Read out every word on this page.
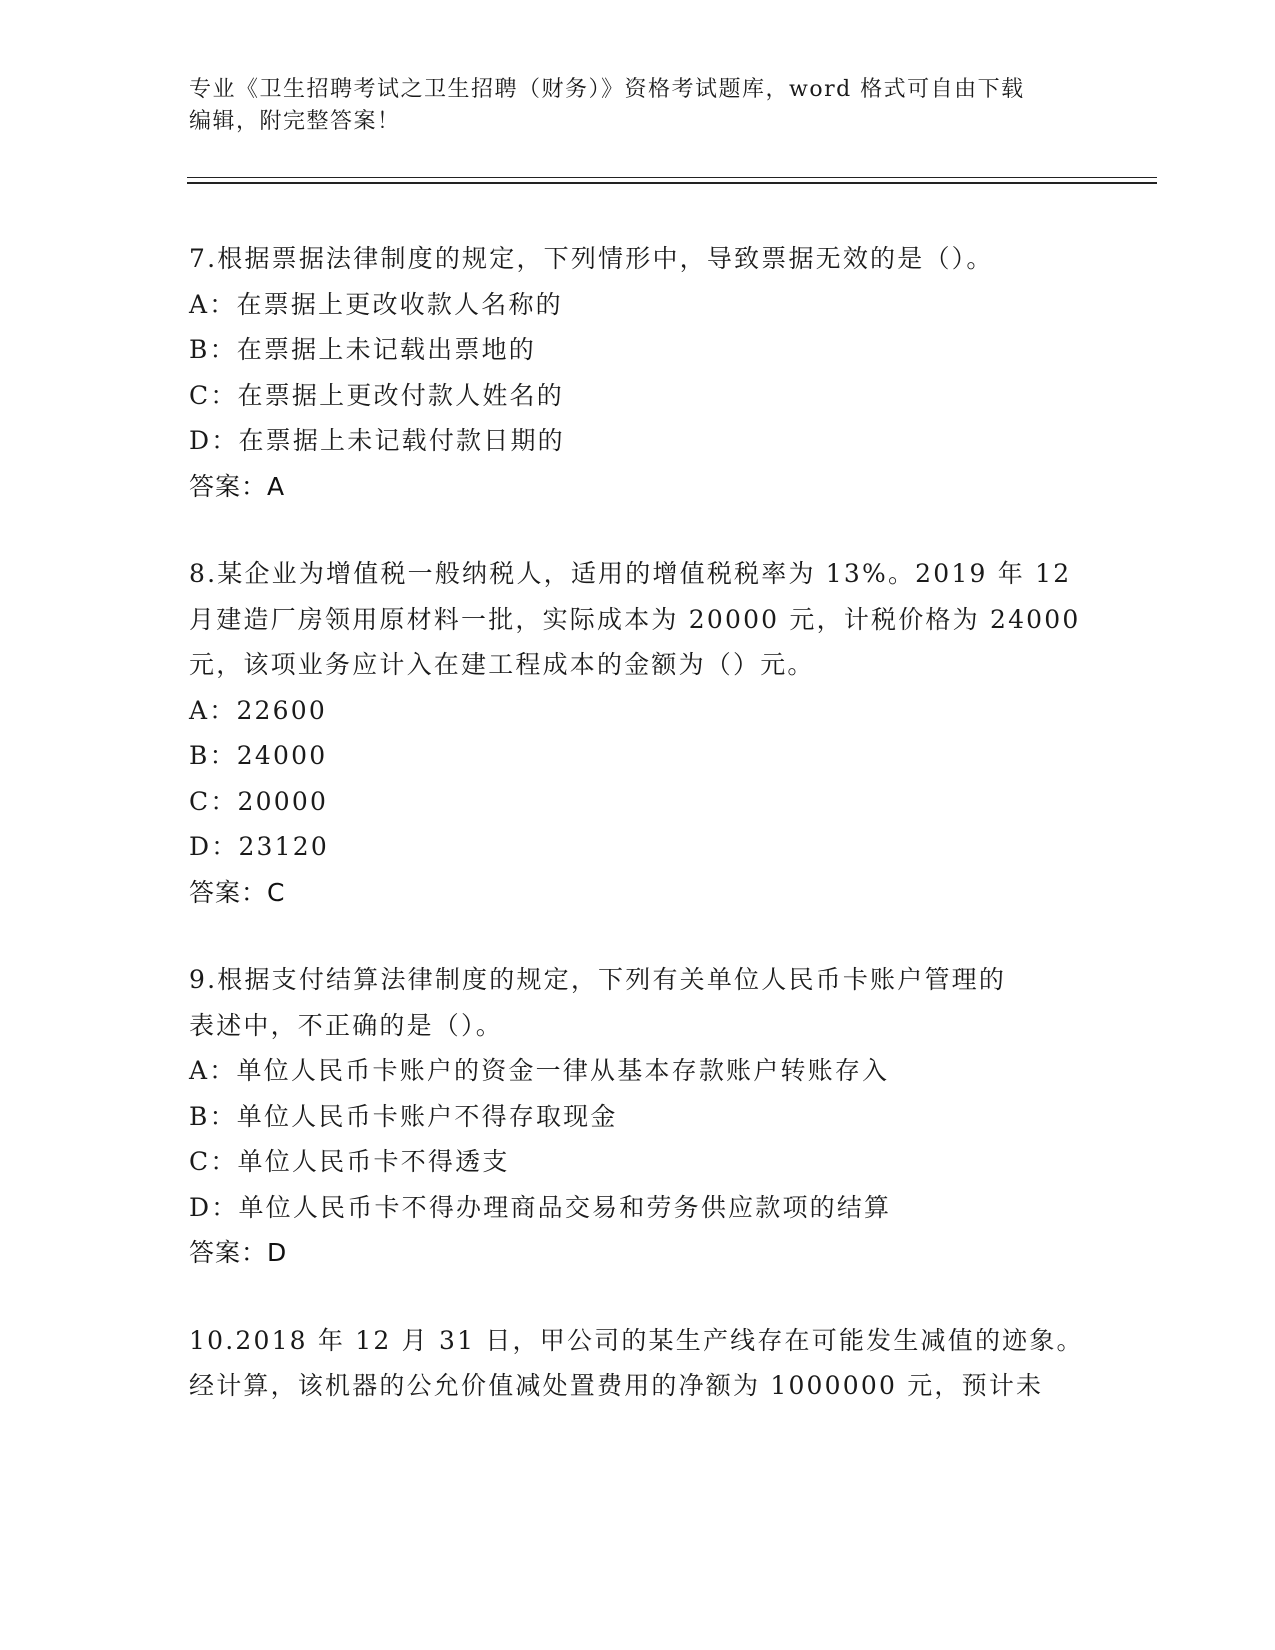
专业《卫生招聘考试之卫生招聘（财务）》资格考试题库，word 格式可自由下载
编辑，附完整答案！
7.根据票据法律制度的规定，下列情形中，导致票据无效的是（）。
A：在票据上更改收款人名称的
B：在票据上未记载出票地的
C：在票据上更改付款人姓名的
D：在票据上未记载付款日期的
答案：A
8.某企业为增值税一般纳税人，适用的增值税税率为 13%。2019 年 12
月建造厂房领用原材料一批，实际成本为 20000 元，计税价格为 24000
元，该项业务应计入在建工程成本的金额为（）元。
A：22600
B：24000
C：20000
D：23120
答案：C
9.根据支付结算法律制度的规定，下列有关单位人民币卡账户管理的
表述中，不正确的是（）。
A：单位人民币卡账户的资金一律从基本存款账户转账存入
B：单位人民币卡账户不得存取现金
C：单位人民币卡不得透支
D：单位人民币卡不得办理商品交易和劳务供应款项的结算
答案：D
10.2018 年 12 月 31 日，甲公司的某生产线存在可能发生减值的迹象。
经计算，该机器的公允价值减处置费用的净额为 1000000 元，预计未
